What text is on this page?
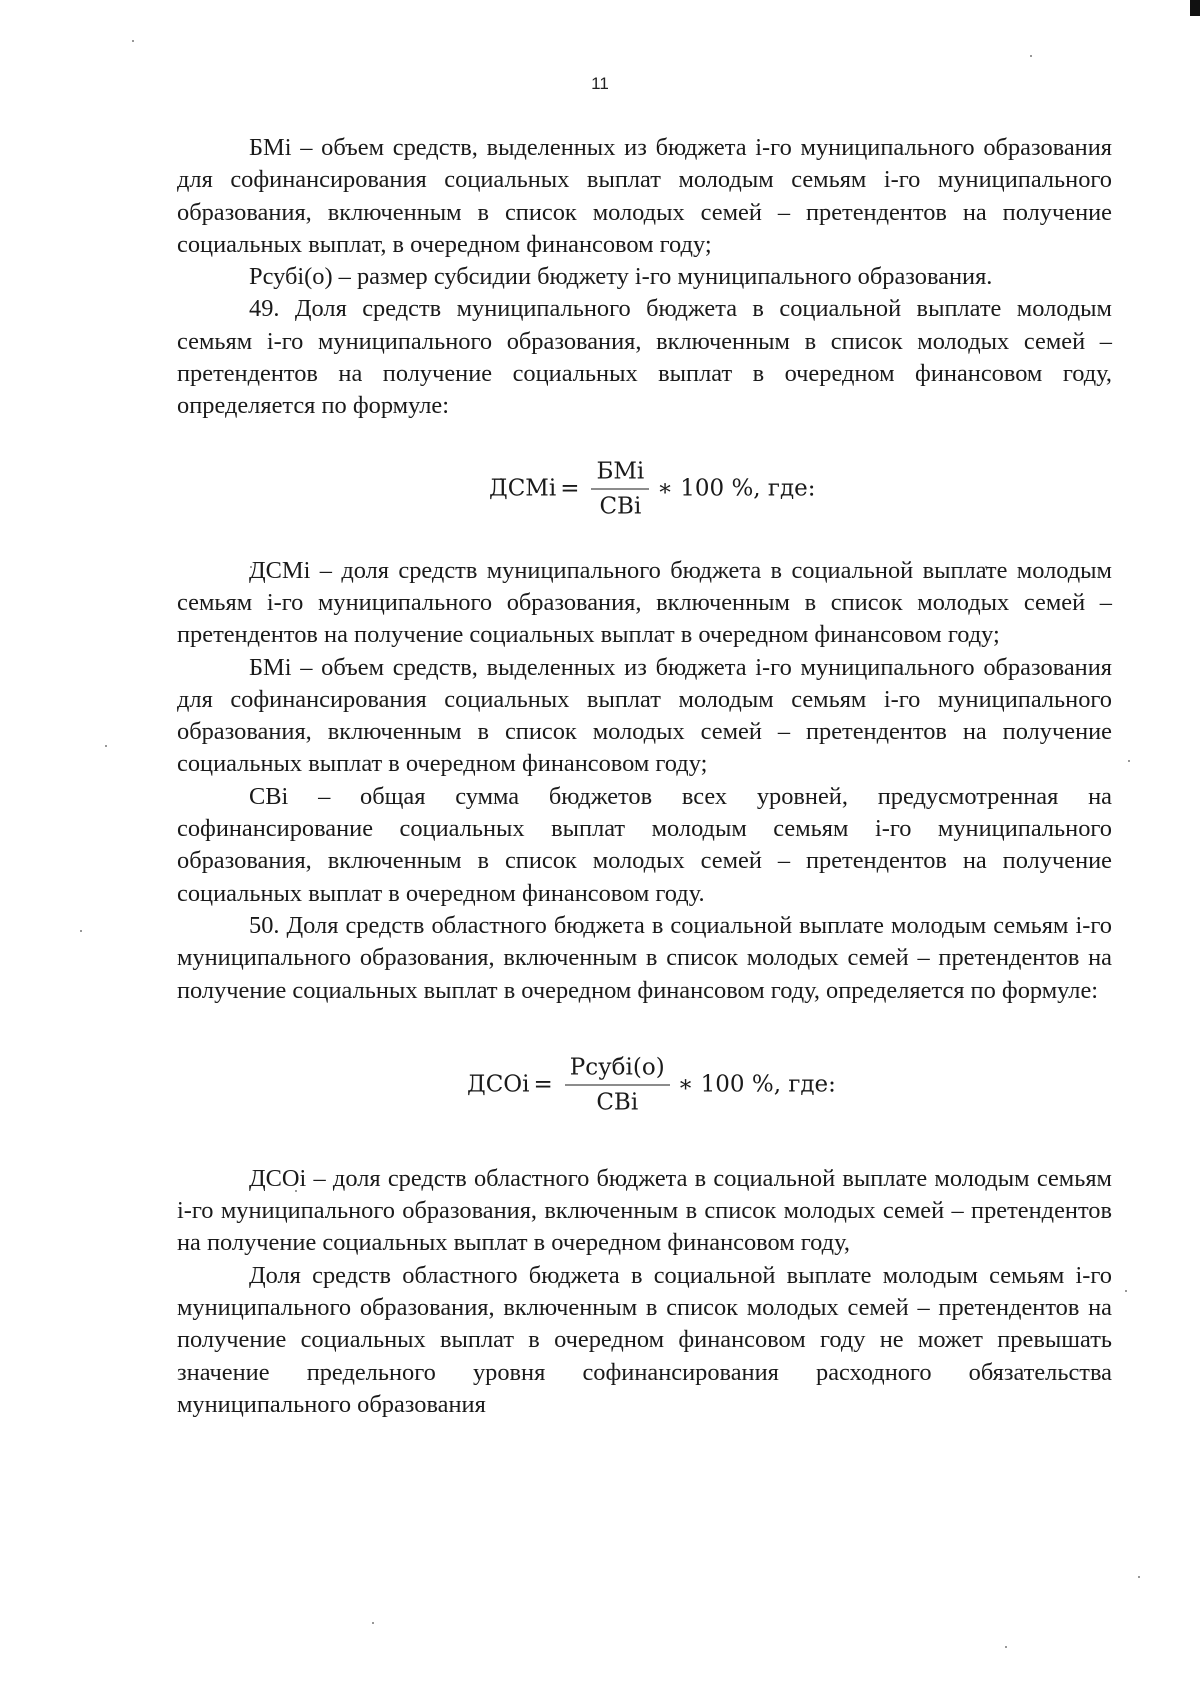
11

БМі – объем средств, выделенных из бюджета і-го муниципального образования для софинансирования социальных выплат молодым семьям і-го муниципального образования, включенным в список молодых семей – претендентов на получение социальных выплат, в очередном финансовом году;

Рсубі(о) – размер субсидии бюджету і-го муниципального образования.

49. Доля средств муниципального бюджета в социальной выплате молодым семьям і-го муниципального образования, включенным в список молодых семей – претендентов на получение социальных выплат в очередном финансовом году, определяется по формуле:

ДСМі = $\frac{\text{БМі}}{\text{СВі}}$ ∗ 100 %, где:

ДСМі – доля средств муниципального бюджета в социальной выплате молодым семьям і-го муниципального образования, включенным в список молодых семей – претендентов на получение социальных выплат в очередном финансовом году;

БМі – объем средств, выделенных из бюджета і-го муниципального образования для софинансирования социальных выплат молодым семьям і-го муниципального образования, включенным в список молодых семей – претендентов на получение социальных выплат в очередном финансовом году;

СВі – общая сумма бюджетов всех уровней, предусмотренная на софинансирование социальных выплат молодым семьям і-го муниципального образования, включенным в список молодых семей – претендентов на получение социальных выплат в очередном финансовом году.

50. Доля средств областного бюджета в социальной выплате молодым семьям і-го муниципального образования, включенным в список молодых семей – претендентов на получение социальных выплат в очередном финансовом году, определяется по формуле:

ДСОі = $\frac{\text{Рсубі(о)}}{\text{СВі}}$ ∗ 100 %, где:

ДСОі – доля средств областного бюджета в социальной выплате молодым семьям і-го муниципального образования, включенным в список молодых семей – претендентов на получение социальных выплат в очередном финансовом году,

Доля средств областного бюджета в социальной выплате молодым семьям і-го муниципального образования, включенным в список молодых семей – претендентов на получение социальных выплат в очередном финансовом году не может превышать значение предельного уровня софинансирования расходного обязательства муниципального образования
